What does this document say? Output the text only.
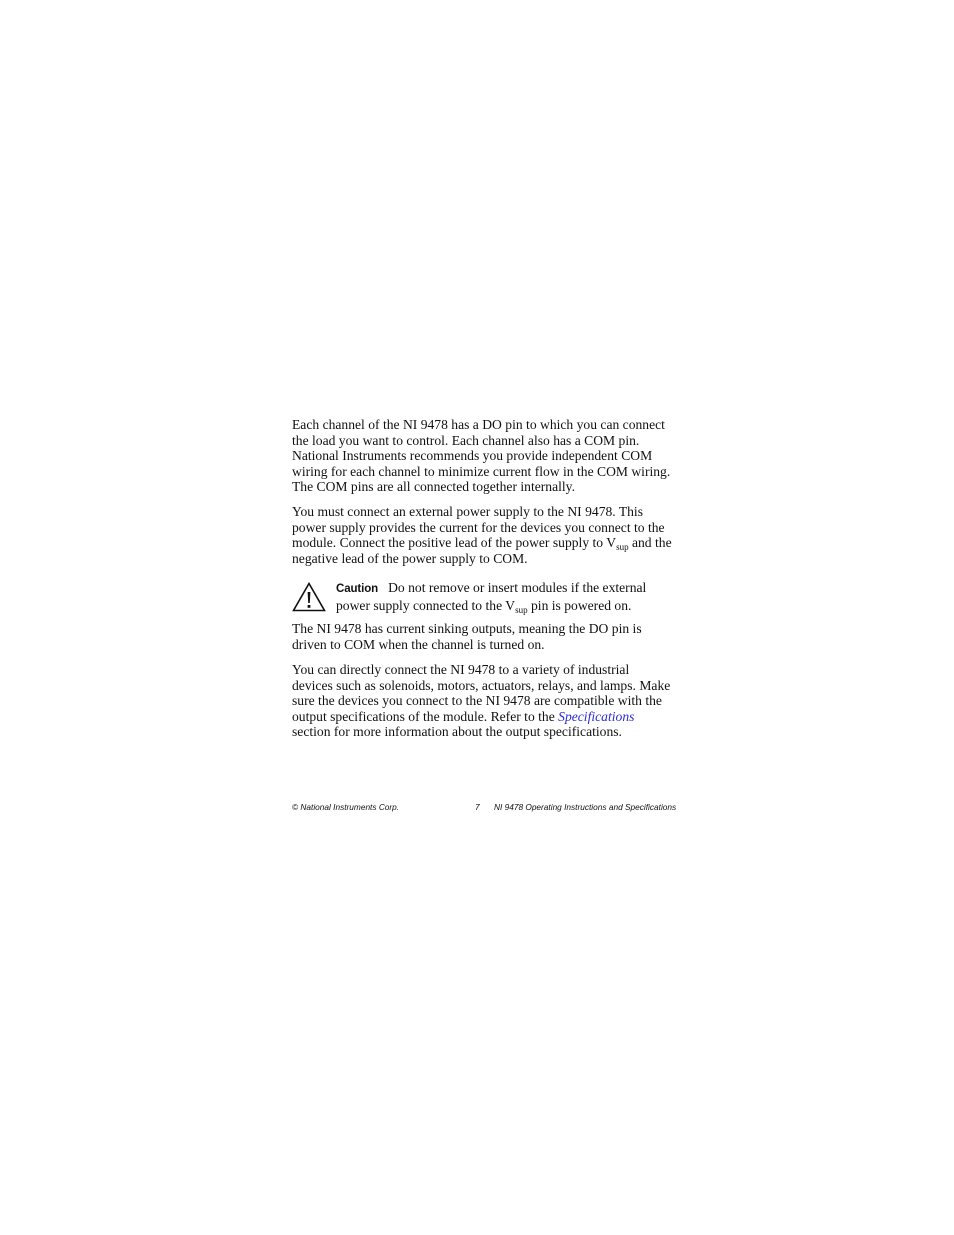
Each channel of the NI 9478 has a DO pin to which you can connect the load you want to control. Each channel also has a COM pin. National Instruments recommends you provide independent COM wiring for each channel to minimize current flow in the COM wiring. The COM pins are all connected together internally.

You must connect an external power supply to the NI 9478. This power supply provides the current for the devices you connect to the module. Connect the positive lead of the power supply to $V_{sup}$ and the negative lead of the power supply to COM.

Caution Do not remove or insert modules if the external power supply connected to the $V_{sup}$ pin is powered on.

The NI 9478 has current sinking outputs, meaning the DO pin is driven to COM when the channel is turned on.

You can directly connect the NI 9478 to a variety of industrial devices such as solenoids, motors, actuators, relays, and lamps. Make sure the devices you connect to the NI 9478 are compatible with the output specifications of the module. Refer to the Specifications section for more information about the output specifications.

© National Instruments Corp.	7 NI 9478 Operating Instructions and Specifications
